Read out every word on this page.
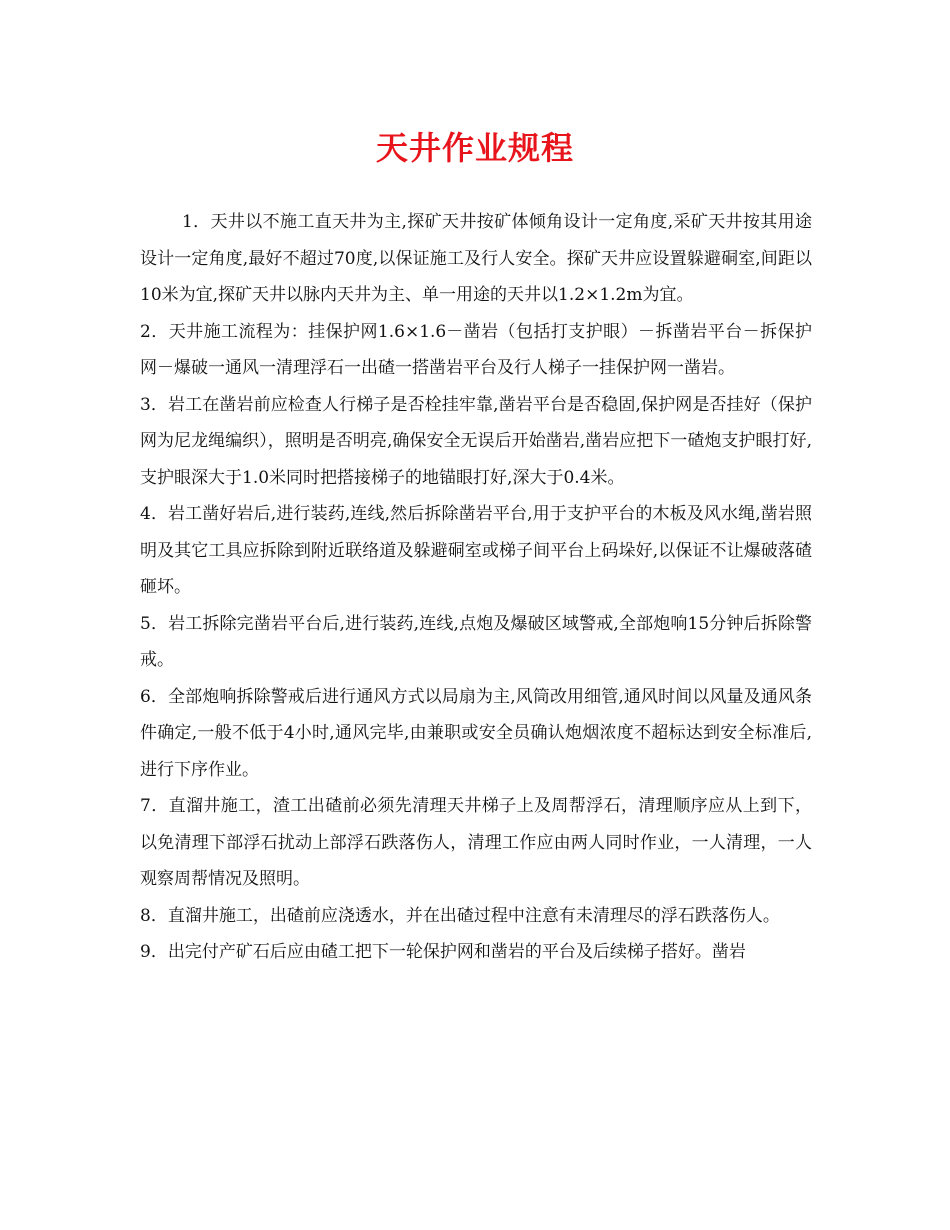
天井作业规程

1．天井以不施工直天井为主,探矿天井按矿体倾角设计一定角度,采矿天井按其用途设计一定角度,最好不超过70度,以保证施工及行人安全。探矿天井应设置躲避硐室,间距以10米为宜,探矿天井以脉内天井为主、单一用途的天井以1.2×1.2m为宜。

2．天井施工流程为：挂保护网1.6×1.6－凿岩（包括打支护眼）－拆凿岩平台－拆保护网－爆破一通风一清理浮石一出碴一搭凿岩平台及行人梯子一挂保护网一凿岩。

3．岩工在凿岩前应检查人行梯子是否栓挂牢靠,凿岩平台是否稳固,保护网是否挂好（保护网为尼龙绳编织），照明是否明亮,确保安全无误后开始凿岩,凿岩应把下一碴炮支护眼打好,支护眼深大于1.0米同时把搭接梯子的地锚眼打好,深大于0.4米。

4．岩工凿好岩后,进行装药,连线,然后拆除凿岩平台,用于支护平台的木板及风水绳,凿岩照明及其它工具应拆除到附近联络道及躲避硐室或梯子间平台上码垛好,以保证不让爆破落碴砸坏。

5．岩工拆除完凿岩平台后,进行装药,连线,点炮及爆破区域警戒,全部炮响15分钟后拆除警戒。

6．全部炮响拆除警戒后进行通风方式以局扇为主,风筒改用细管,通风时间以风量及通风条件确定,一般不低于4小时,通风完毕,由兼职或安全员确认炮烟浓度不超标达到安全标准后,进行下序作业。

7．直溜井施工，渣工出碴前必须先清理天井梯子上及周帮浮石，清理顺序应从上到下，以免清理下部浮石扰动上部浮石跌落伤人，清理工作应由两人同时作业，一人清理，一人观察周帮情况及照明。

8．直溜井施工，出碴前应浇透水，并在出碴过程中注意有未清理尽的浮石跌落伤人。

9．出完付产矿石后应由碴工把下一轮保护网和凿岩的平台及后续梯子搭好。凿岩
